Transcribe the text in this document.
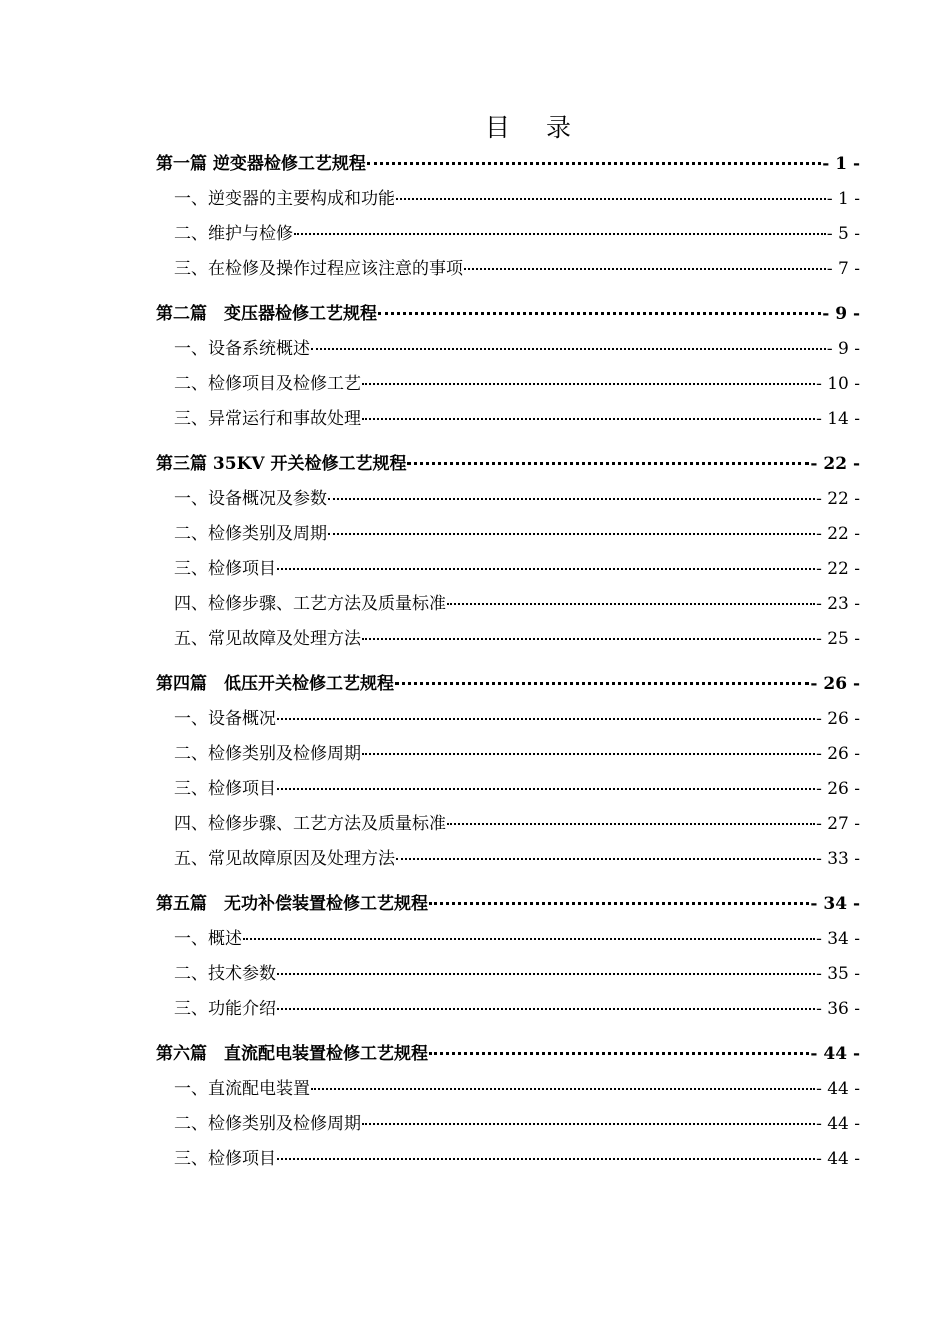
目 录
第一篇 逆变器检修工艺规程	- 1 -
一、逆变器的主要构成和功能	- 1 -
二、维护与检修	- 5 -
三、在检修及操作过程应该注意的事项	- 7 -
第二篇　变压器检修工艺规程	- 9 -
一、设备系统概述	- 9 -
二、检修项目及检修工艺	- 10 -
三、异常运行和事故处理	- 14 -
第三篇 35KV 开关检修工艺规程	- 22 -
一、设备概况及参数	- 22 -
二、检修类别及周期	- 22 -
三、检修项目	- 22 -
四、检修步骤、工艺方法及质量标准	- 23 -
五、常见故障及处理方法	- 25 -
第四篇　低压开关检修工艺规程	- 26 -
一、设备概况	- 26 -
二、检修类别及检修周期	- 26 -
三、检修项目	- 26 -
四、检修步骤、工艺方法及质量标准	- 27 -
五、常见故障原因及处理方法	- 33 -
第五篇　无功补偿装置检修工艺规程	- 34 -
一、概述	- 34 -
二、技术参数	- 35 -
三、功能介绍	- 36 -
第六篇　直流配电装置检修工艺规程	- 44 -
一、直流配电装置	- 44 -
二、检修类别及检修周期	- 44 -
三、检修项目	- 44 -
